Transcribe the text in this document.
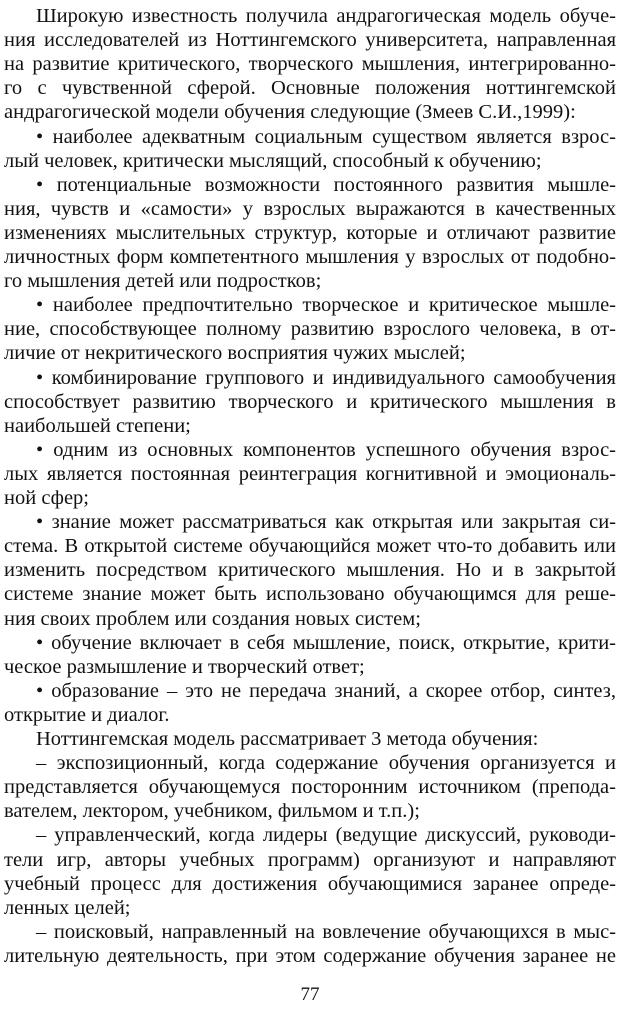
Широкую известность получила андрагогическая модель обуче-
ния исследователей из Ноттингемского университета, направленная
на развитие критического, творческого мышления, интегрированно-
го с чувственной сферой. Основные положения ноттингемской
андрагогической модели обучения следующие (Змеев С.И.,1999):
• наиболее адекватным социальным существом является взрос-
лый человек, критически мыслящий, способный к обучению;
• потенциальные возможности постоянного развития мышле-
ния, чувств и «самости» у взрослых выражаются в качественных
изменениях мыслительных структур, которые и отличают развитие
личностных форм компетентного мышления у взрослых от подобно-
го мышления детей или подростков;
• наиболее предпочтительно творческое и критическое мышле-
ние, способствующее полному развитию взрослого человека, в от-
личие от некритического восприятия чужих мыслей;
• комбинирование группового и индивидуального самообучения
способствует развитию творческого и критического мышления в
наибольшей степени;
• одним из основных компонентов успешного обучения взрос-
лых является постоянная реинтеграция когнитивной и эмоциональ-
ной сфер;
• знание может рассматриваться как открытая или закрытая си-
стема. В открытой системе обучающийся может что-то добавить или
изменить посредством критического мышления. Но и в закрытой
системе знание может быть использовано обучающимся для реше-
ния своих проблем или создания новых систем;
• обучение включает в себя мышление, поиск, открытие, крити-
ческое размышление и творческий ответ;
• образование – это не передача знаний, а скорее отбор, синтез,
открытие и диалог.
Ноттингемская модель рассматривает 3 метода обучения:
– экспозиционный, когда содержание обучения организуется и
представляется обучающемуся посторонним источником (препода-
вателем, лектором, учебником, фильмом и т.п.);
– управленческий, когда лидеры (ведущие дискуссий, руководи-
тели игр, авторы учебных программ) организуют и направляют
учебный процесс для достижения обучающимися заранее опреде-
ленных целей;
– поисковый, направленный на вовлечение обучающихся в мыс-
лительную деятельность, при этом содержание обучения заранее не
77
